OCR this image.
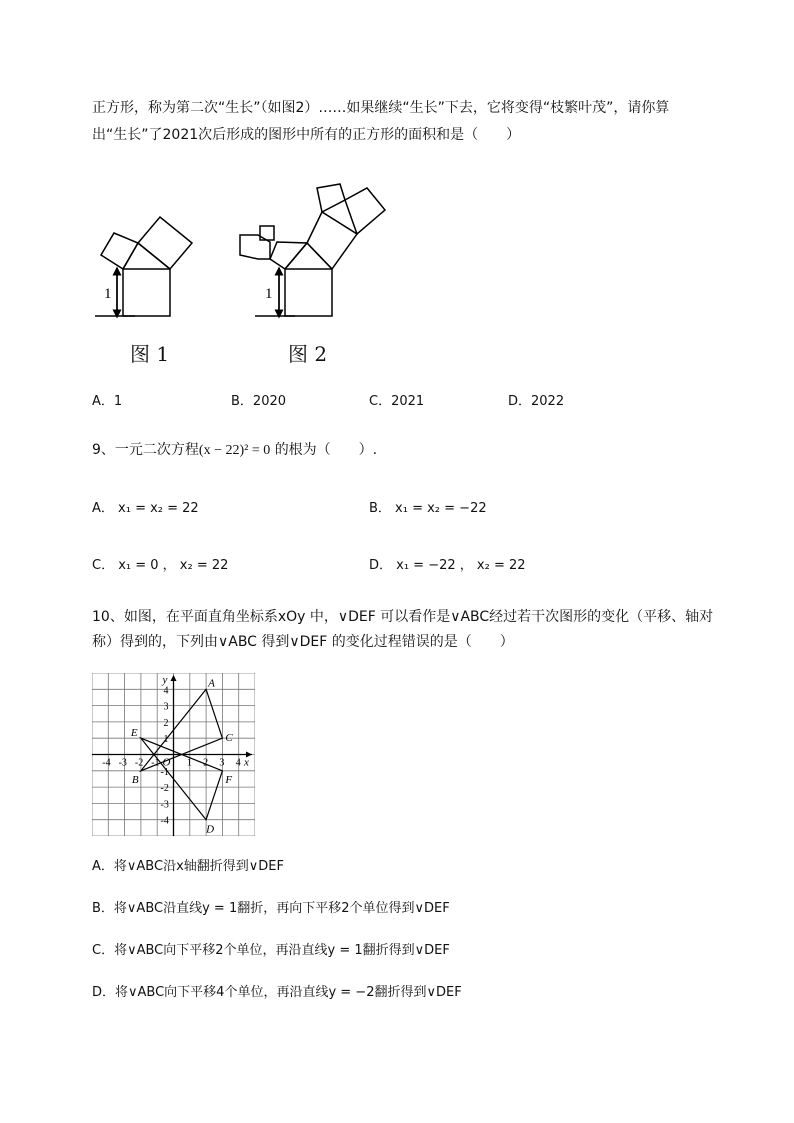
正方形，称为第二次“生长”（如图2）……如果继续“生长”下去，它将变得“枝繁叶茂”，请你算
出“生长”了2021次后形成的图形中所有的正方形的面积和是（　　）
1	1
图 1	图 2
A．1	B．2020	C．2021	D．2022
9、一元二次方程(x − 22)² = 0 的根为（　　）.
A． x₁ = x₂ = 22	B． x₁ = x₂ = −22
C． x₁ = 0 ， x₂ = 22	D． x₁ = −22 ， x₂ = 22
10、如图，在平面直角坐标系xOy 中，∨DEF 可以看作是∨ABC经过若干次图形的变化（平移、轴对
称）得到的，下列由∨ABC 得到∨DEF 的变化过程错误的是（　　）
x
y
O
-4 -3 -2 -1	1 2 3 4
4
3
2
1
-1
-2
-3
-4
A
B
C
D
E
F
A．将∨ABC沿x轴翻折得到∨DEF
B．将∨ABC沿直线y = 1翻折，再向下平移2个单位得到∨DEF
C．将∨ABC向下平移2个单位，再沿直线y = 1翻折得到∨DEF
D．将∨ABC向下平移4个单位，再沿直线y = −2翻折得到∨DEF
